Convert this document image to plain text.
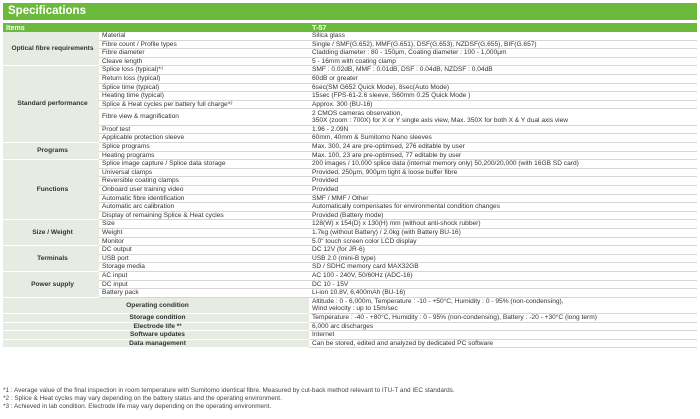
Specifications
Items		T-57
Optical fibre requirements	Material	Silica glass
	Fibre count / Profile types	Single / SMF(G.652), MMF(G.651), DSF(G.653), NZDSF(G.655), BIF(G.657)
	Fibre diameter	Cladding diameter : 80 - 150μm, Coating diameter : 100 - 1,000μm
	Cleave length	5 - 16mm with coating clamp
Standard performance	Splice loss (typical)*¹	SMF : 0.02dB, MMF : 0.01dB, DSF : 0.04dB, NZDSF : 0.04dB
	Return loss (typical)	60dB or greater
	Splice time (typical)	6sec(SM G652 Quick Mode), 8sec(Auto Mode)
	Heating time (typical)	15sec (FPS-61-2.6 sleeve, S60mm 0.25 Quick Mode )
	Splice & Heat cycles per battery full charge*²	Approx. 300 (BU-16)
	Fibre view & magnification	2 CMOS cameras observation,
350X (zoom : 700X) for X or Y single axis view, Max. 350X for both X & Y dual axis view

	Proof test	1.96 - 2.09N
	Applicable protection sleeve	60mm, 40mm & Sumitomo Nano sleeves
Programs	Splice programs	Max. 300, 24 are pre-optimsed, 276 editable by user
	Heating programs	Max. 100, 23 are pre-optimsed, 77 editable by user
Functions	Splice image capture / Splice data storage	200 images / 10,000 splice data (internal memory only) 50,200/20,000 (with 16GB SD card)
	Universal clamps	Provided, 250μm, 900μm tight & loose buffer fibre
	Reversible coating clamps	Provided
	Onboard user training video	Provided
	Automatic fibre identification	SMF / MMF / Other
	Automatic arc calibration	Automatically compensates for environmental condition changes
	Display of remaining Splice & Heat cycles	Provided (Battery mode)
Size / Weight	Size	128(W) x 154(D) x 130(H) mm (without anti-shock rubber)
	Weight	1.7kg (without Battery) / 2.0kg (with Battery BU-16)
	Monitor	5.0" touch screen color LCD display
Terminals	DC output	DC 12V (for JR-6)
	USB port	USB 2.0 (mini-B type)
	Storage media	SD / SDHC memory card MAX32GB
Power supply	AC input	AC 100 - 240V, 50/60Hz (ADC-16)
	DC input	DC 10 - 15V
	Battery pack	Li-ion 10.8V, 6,400mAh (BU-16)
Operating condition		Altitude : 0 - 6,000m, Temperature : -10 - +50°C, Humidity : 0 - 95% (non-condensing),
Wind velocity : up to 15m/sec

Storage condition		Temperature : -40 - +80°C, Humidity : 0 - 95% (non-condensing), Battery : -20 - +30°C (long term)
Electrode life *³		6,000 arc discharges
Software updates		Internet
Data management		Can be stored, edited and analyzed by dedicated PC software
*1 : Average value of the final inspection in room temperature with Sumitomo identical fibre. Measured by cut-back method relevant to ITU-T and IEC standards.
*2 : Splice & Heat cycles may vary depending on the battery status and the operating environment.
*3 : Achieved in lab condition. Electrode life may vary depending on the operating environment.
